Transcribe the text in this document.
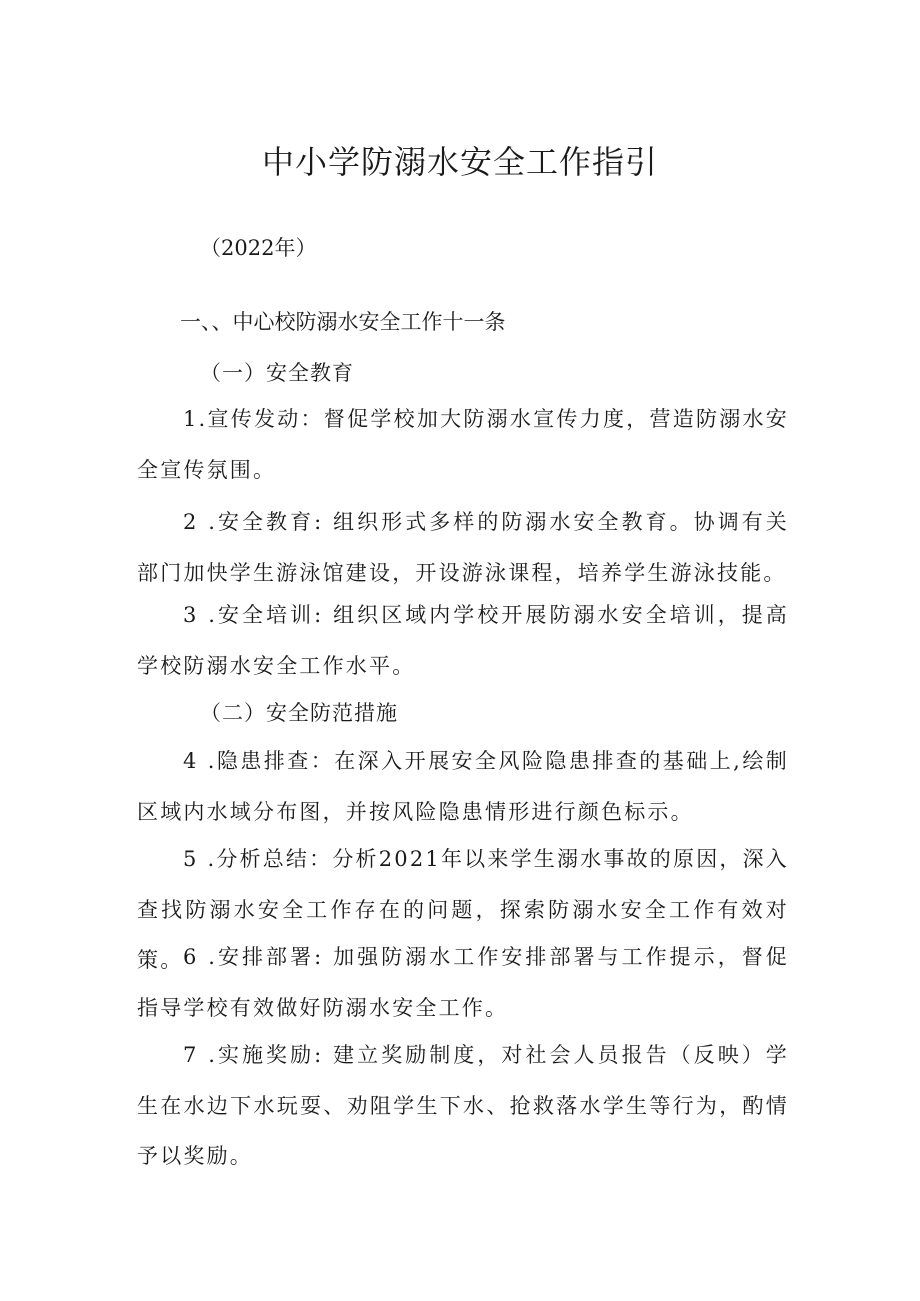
中小学防溺水安全工作指引
（2022年）
一、、中心校防溺水安全工作十一条
（一）安全教育
1.宣传发动：督促学校加大防溺水宣传力度，营造防溺水安全宣传氛围。
2 .安全教育: 组织形式多样的防溺水安全教育。协调有关部门加快学生游泳馆建设，开设游泳课程，培养学生游泳技能。
3 .安全培训: 组织区域内学校开展防溺水安全培训，提高学校防溺水安全工作水平。
（二）安全防范措施
4 .隐患排查：在深入开展安全风险隐患排查的基础上,绘制区域内水域分布图，并按风险隐患情形进行颜色标示。
5 .分析总结：分析2021年以来学生溺水事故的原因，深入查找防溺水安全工作存在的问题，探索防溺水安全工作有效对策。 6 .安排部署: 加强防溺水工作安排部署与工作提示，督促指导学校有效做好防溺水安全工作。
7 .实施奖励: 建立奖励制度，对社会人员报告（反映）学生在水边下水玩耍、劝阻学生下水、抢救落水学生等行为，酌情予以奖励。
